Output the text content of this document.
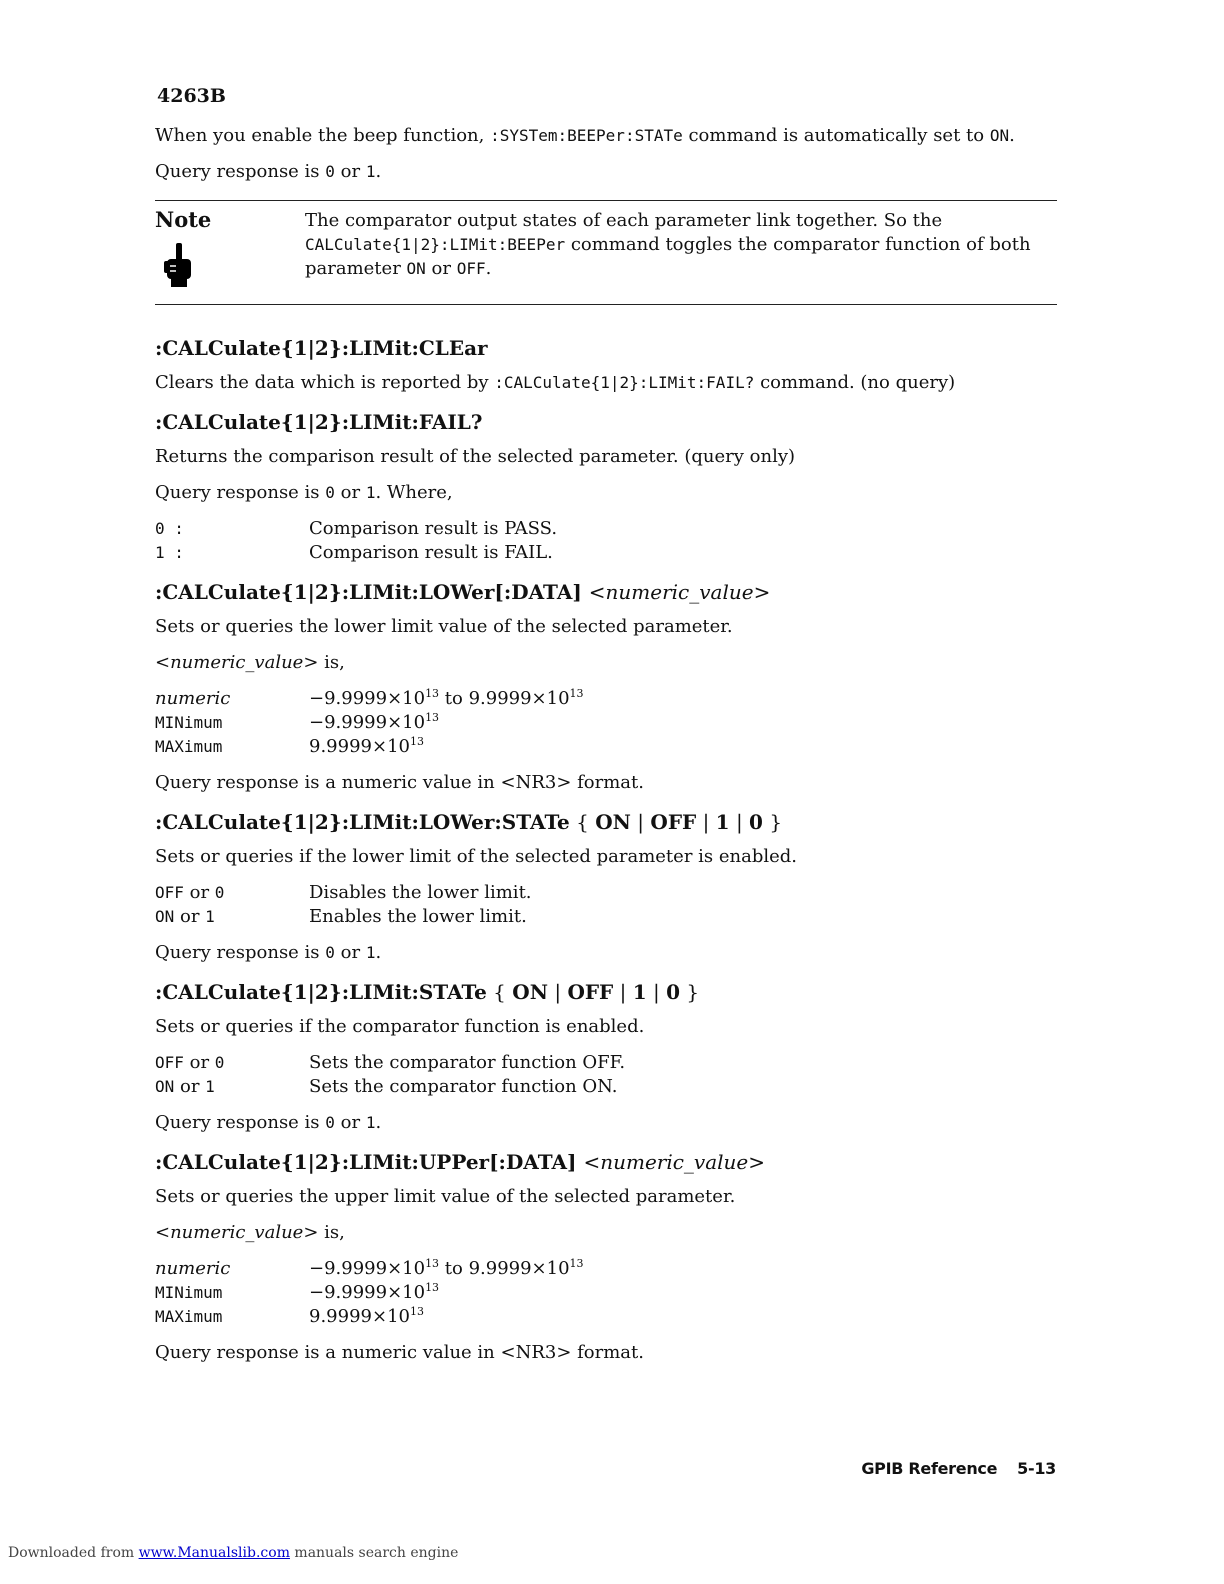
4263B

When you enable the beep function, :SYSTem:BEEPer:STATe command is automatically set to ON.

Query response is 0 or 1.

Note	The comparator output states of each parameter link together. So the CALCulate{1|2}:LIMit:BEEPer command toggles the comparator function of both parameter ON or OFF.
:CALCulate{1|2}:LIMit:CLEar

Clears the data which is reported by :CALCulate{1|2}:LIMit:FAIL? command. (no query)

:CALCulate{1|2}:LIMit:FAIL?

Returns the comparison result of the selected parameter. (query only)

Query response is 0 or 1. Where,

0 :	Comparison result is PASS.
1 :	Comparison result is FAIL.
:CALCulate{1|2}:LIMit:LOWer[:DATA] <numeric_value>

Sets or queries the lower limit value of the selected parameter.

<numeric_value> is,

numeric	$-9.9999\times 10^{13}$ to $9.9999\times 10^{13}$
MINimum	$-9.9999\times 10^{13}$
MAXimum	$9.9999\times 10^{13}$

Query response is a numeric value in <NR3> format.

:CALCulate{1|2}:LIMit:LOWer:STATe { ON | OFF | 1 | 0 }

Sets or queries if the lower limit of the selected parameter is enabled.

OFF or 0	Disables the lower limit.
ON or 1	Enables the lower limit.

Query response is 0 or 1.

:CALCulate{1|2}:LIMit:STATe { ON | OFF | 1 | 0 }

Sets or queries if the comparator function is enabled.

OFF or 0	Sets the comparator function OFF.
ON or 1	Sets the comparator function ON.

Query response is 0 or 1.

:CALCulate{1|2}:LIMit:UPPer[:DATA] <numeric_value>

Sets or queries the upper limit value of the selected parameter.

<numeric_value> is,

numeric	$-9.9999\times 10^{13}$ to $9.9999\times 10^{13}$
MINimum	$-9.9999\times 10^{13}$
MAXimum	$9.9999\times 10^{13}$

Query response is a numeric value in <NR3> format.

GPIB Reference 5-13
Downloaded from www.Manualslib.com manuals search engine
